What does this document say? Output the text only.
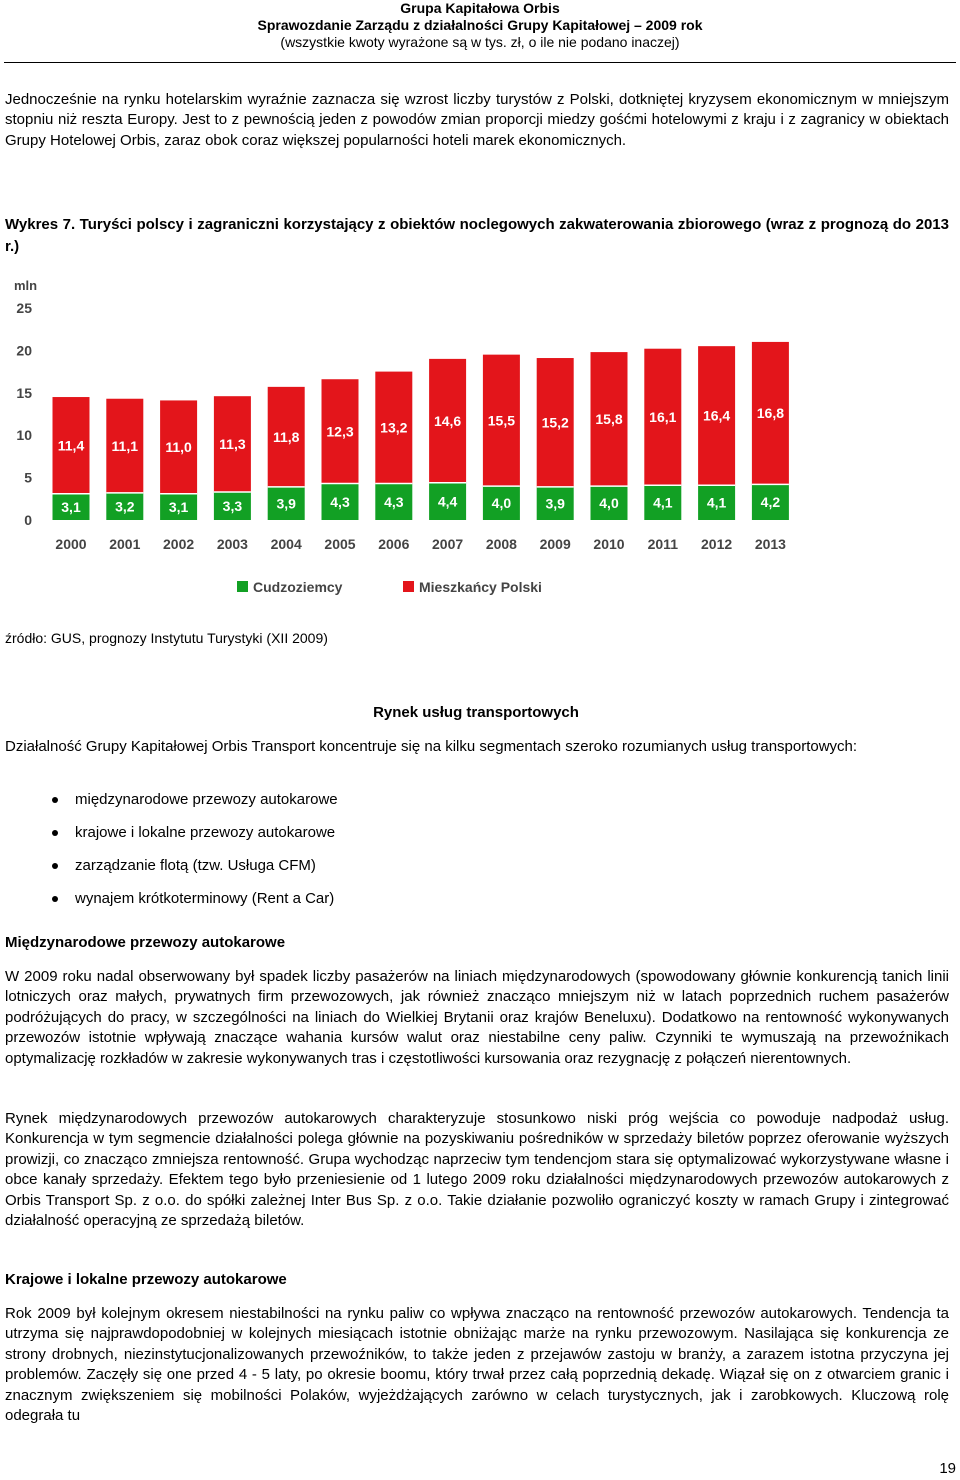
Grupa Kapitałowa Orbis
Sprawozdanie Zarządu z działalności Grupy Kapitałowej – 2009 rok
(wszystkie kwoty wyrażone są w tys. zł, o ile nie podano inaczej)
Jednocześnie na rynku hotelarskim wyraźnie zaznacza się wzrost liczby turystów z Polski, dotkniętej kryzysem ekonomicznym w mniejszym stopniu niż reszta Europy. Jest to z pewnością jeden z powodów zmian proporcji miedzy gośćmi hotelowymi z kraju i z zagranicy w obiektach Grupy Hotelowej Orbis, zaraz obok coraz większej popularności hoteli marek ekonomicznych.
Wykres 7. Turyści polscy i zagraniczni korzystający z obiektów noclegowych zakwaterowania zbiorowego (wraz z prognozą do 2013 r.)
mln
0
5
10
15
20
25
3,1
11,4
2000
3,2
11,1
2001
3,1
11,0
2002
3,3
11,3
2003
3,9
11,8
2004
4,3
12,3
2005
4,3
13,2
2006
4,4
14,6
2007
4,0
15,5
2008
3,9
15,2
2009
4,0
15,8
2010
4,1
16,1
2011
4,1
16,4
2012
4,2
16,8
2013
Cudzoziemcy	Mieszkańcy Polski
źródło: GUS, prognozy Instytutu Turystyki (XII 2009)
Rynek usług transportowych
Działalność Grupy Kapitałowej Orbis Transport koncentruje się na kilku segmentach szeroko rozumianych usług transportowych:
międzynarodowe przewozy autokarowe
krajowe i lokalne przewozy autokarowe
zarządzanie flotą (tzw. Usługa CFM)
wynajem krótkoterminowy (Rent a Car)
Międzynarodowe przewozy autokarowe
W 2009 roku nadal obserwowany był spadek liczby pasażerów na liniach międzynarodowych (spowodowany głównie konkurencją tanich linii lotniczych oraz małych, prywatnych firm przewozowych, jak również znacząco mniejszym niż w latach poprzednich ruchem pasażerów podróżujących do pracy, w szczególności na liniach do Wielkiej Brytanii oraz krajów Beneluxu). Dodatkowo na rentowność wykonywanych przewozów istotnie wpływają znaczące wahania kursów walut oraz niestabilne ceny paliw. Czynniki te wymuszają na przewoźnikach optymalizację rozkładów w zakresie wykonywanych tras i częstotliwości kursowania oraz rezygnację z połączeń nierentownych.
Rynek międzynarodowych przewozów autokarowych charakteryzuje stosunkowo niski próg wejścia co powoduje nadpodaż usług. Konkurencja w tym segmencie działalności polega głównie na pozyskiwaniu pośredników w sprzedaży biletów poprzez oferowanie wyższych prowizji, co znacząco zmniejsza rentowność. Grupa wychodząc naprzeciw tym tendencjom stara się optymalizować wykorzystywane własne i obce kanały sprzedaży. Efektem tego było przeniesienie od 1 lutego 2009 roku działalności międzynarodowych przewozów autokarowych z Orbis Transport Sp. z o.o. do spółki zależnej Inter Bus Sp. z o.o. Takie działanie pozwoliło ograniczyć koszty w ramach Grupy i zintegrować działalność operacyjną ze sprzedażą biletów.
Krajowe i lokalne przewozy autokarowe
Rok 2009 był kolejnym okresem niestabilności na rynku paliw co wpływa znacząco na rentowność przewozów autokarowych. Tendencja ta utrzyma się najprawdopodobniej w kolejnych miesiącach istotnie obniżając marże na rynku przewozowym. Nasilająca się konkurencja ze strony drobnych, niezinstytucjonalizowanych przewoźników, to także jeden z przejawów zastoju w branży, a zarazem istotna przyczyna jej problemów. Zaczęły się one przed 4 - 5 laty, po okresie boomu, który trwał przez całą poprzednią dekadę. Wiązał się on z otwarciem granic i znacznym zwiększeniem się mobilności Polaków, wyjeżdżających zarówno w celach turystycznych, jak i zarobkowych. Kluczową rolę odegrała tu
19
